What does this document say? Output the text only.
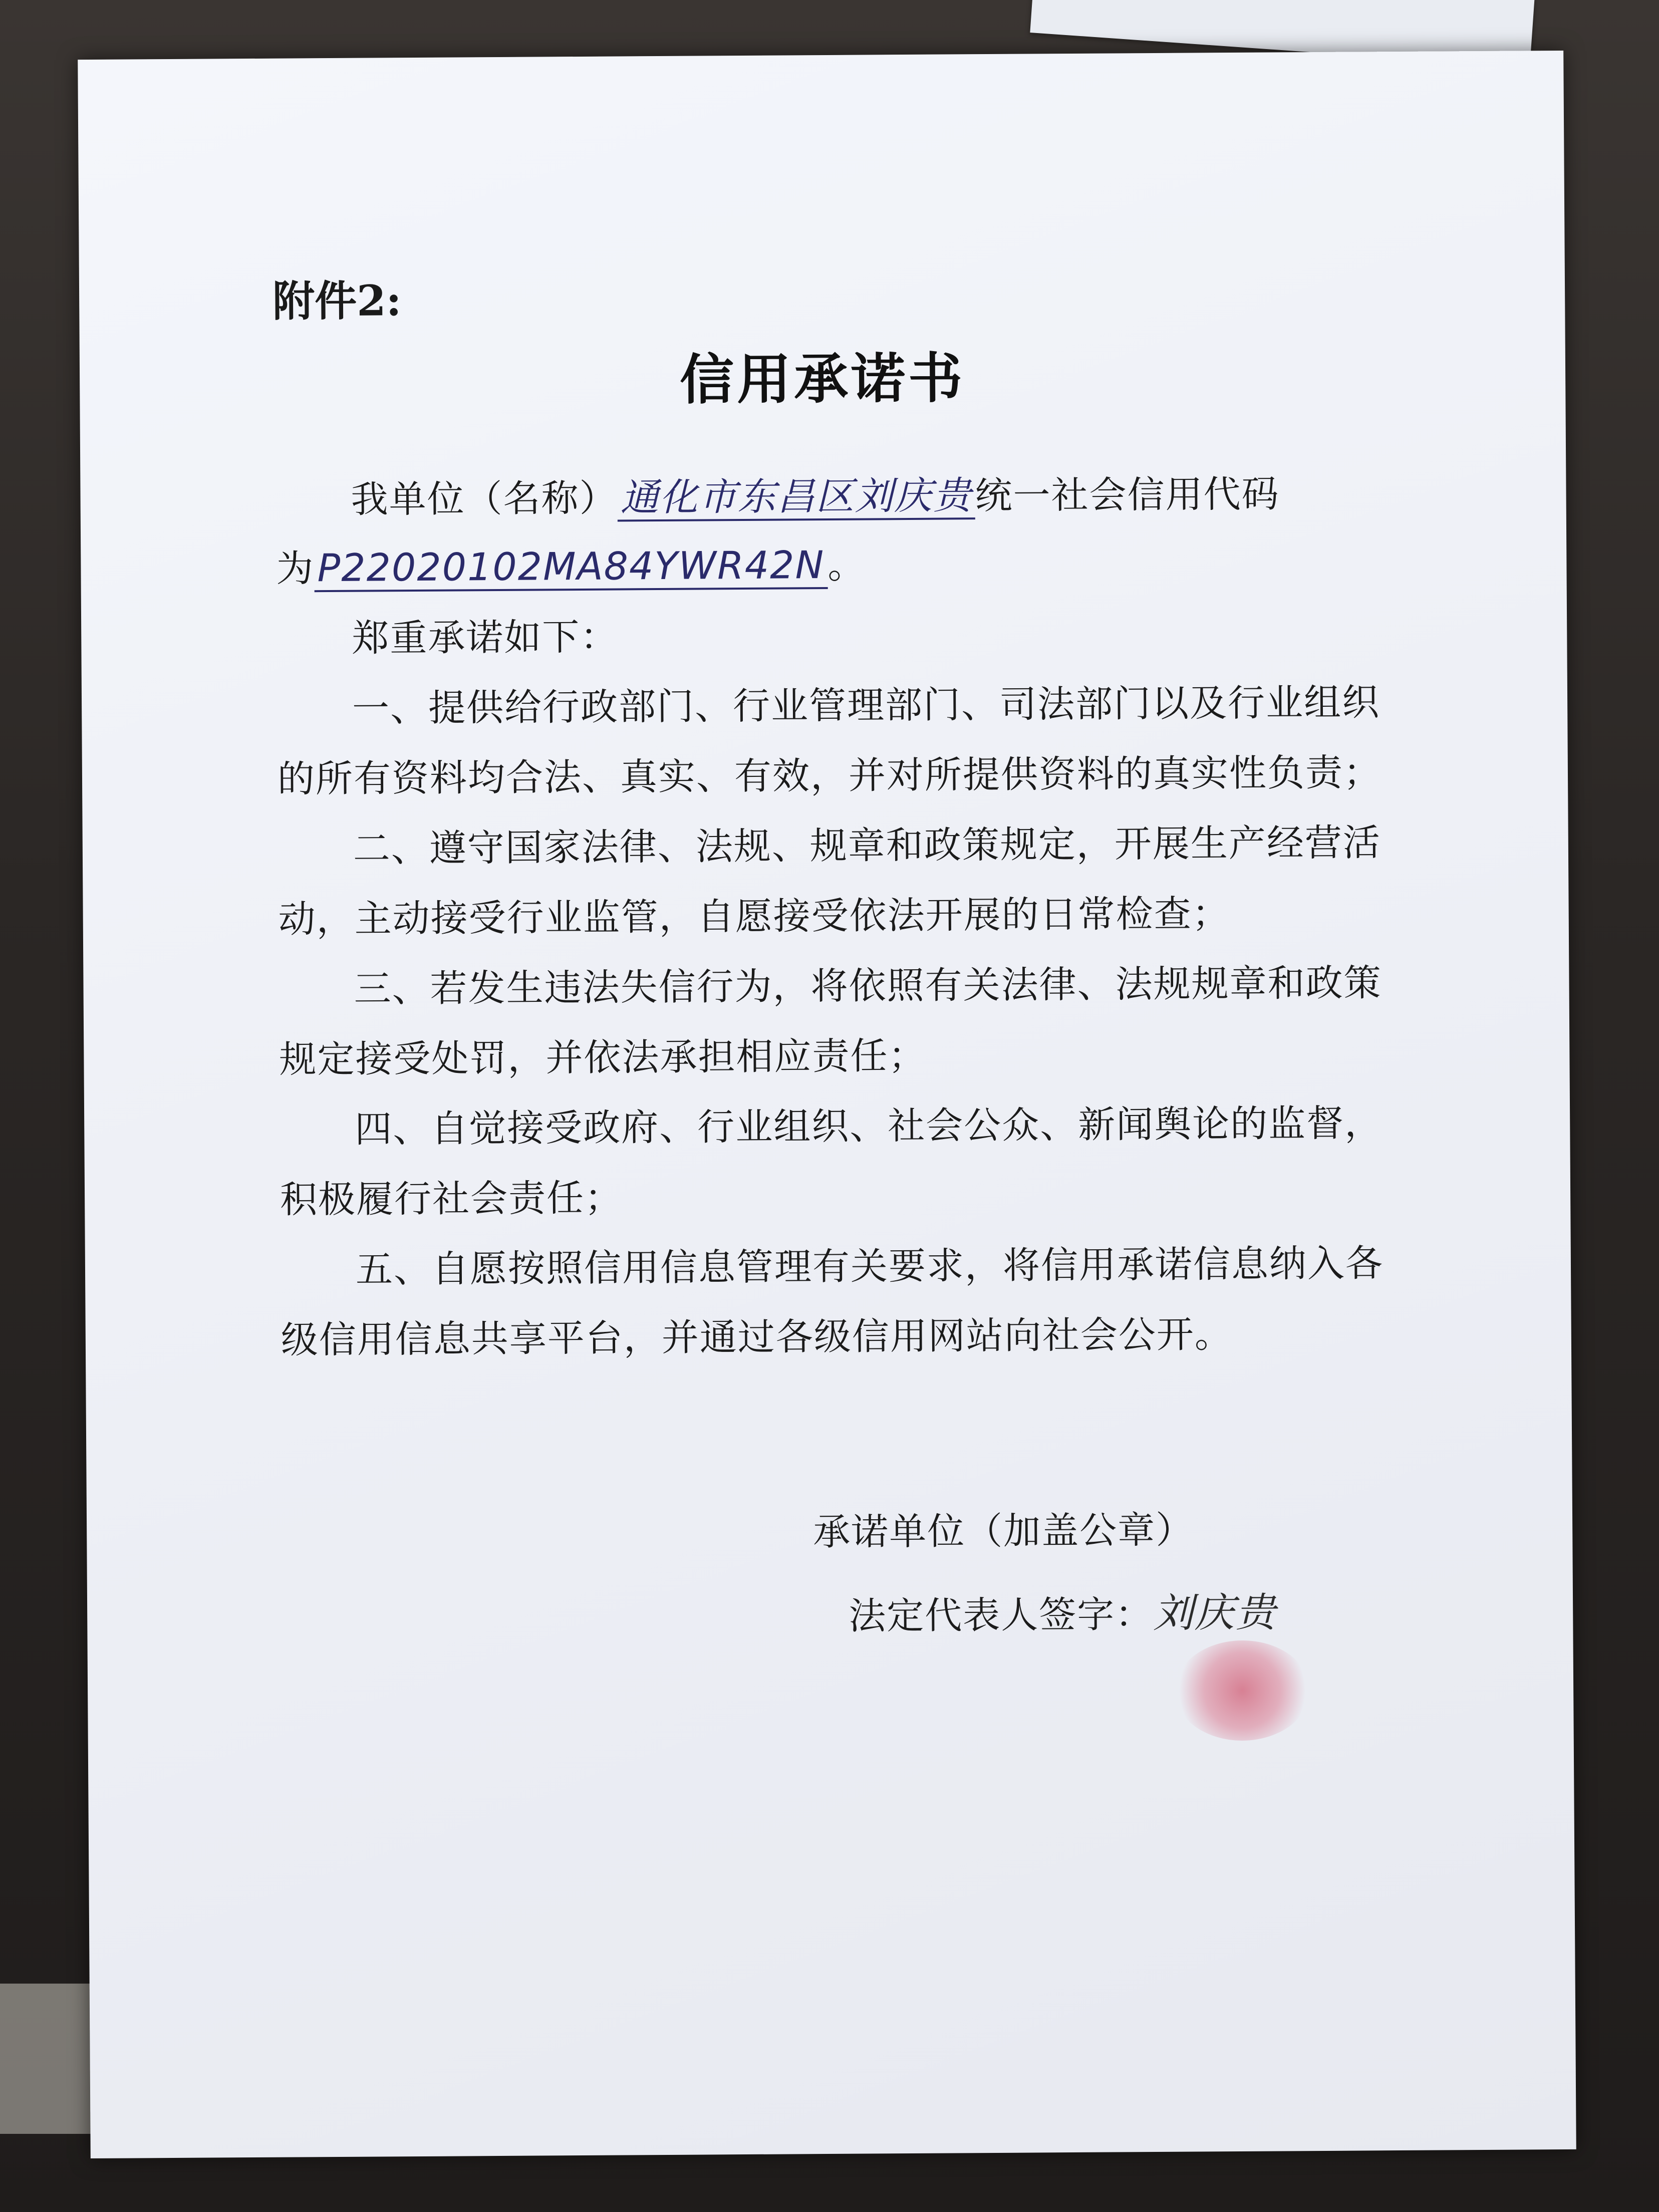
附件2:
信用承诺书
我单位（名称）通化市东昌区刘庆贵统一社会信用代码
为P22020102MA84YWR42N。
郑重承诺如下：
一、提供给行政部门、行业管理部门、司法部门以及行业组织
的所有资料均合法、真实、有效，并对所提供资料的真实性负责；
二、遵守国家法律、法规、规章和政策规定，开展生产经营活
动，主动接受行业监管，自愿接受依法开展的日常检查；
三、若发生违法失信行为，将依照有关法律、法规规章和政策
规定接受处罚，并依法承担相应责任；
四、自觉接受政府、行业组织、社会公众、新闻舆论的监督，
积极履行社会责任；
五、自愿按照信用信息管理有关要求，将信用承诺信息纳入各
级信用信息共享平台，并通过各级信用网站向社会公开。
承诺单位（加盖公章）
法定代表人签字：刘庆贵
